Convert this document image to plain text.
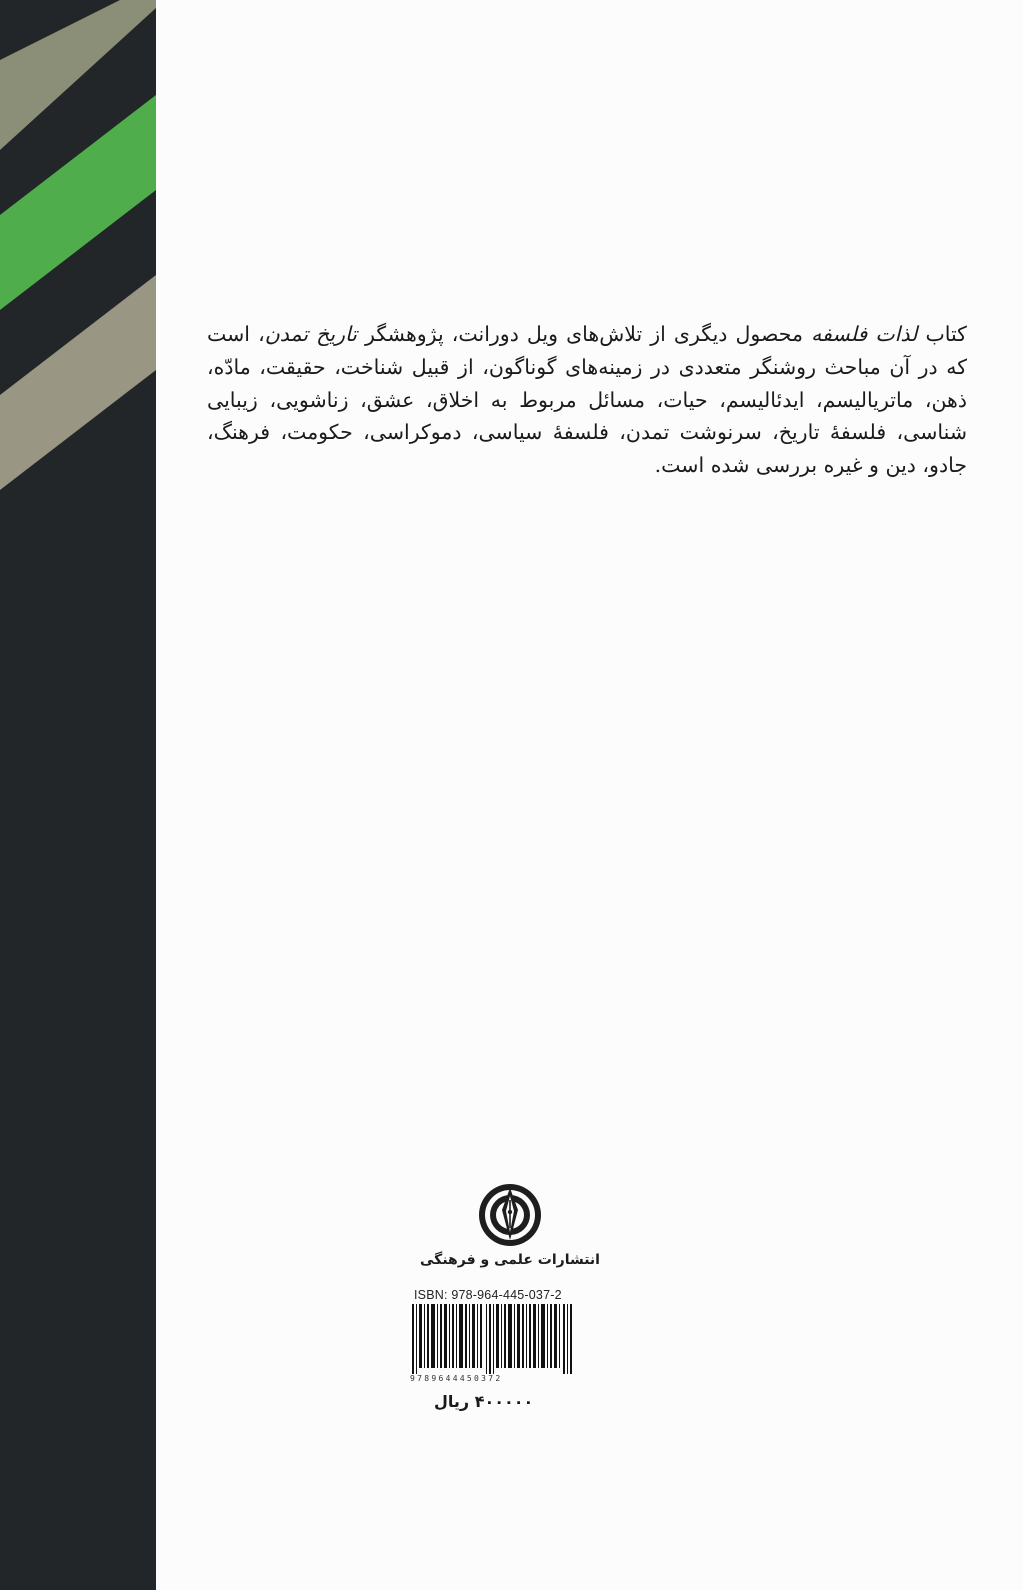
کتاب لذات فلسفه محصول دیگری از تلاش‌های ویل دورانت، پژوهشگر تاریخ تمدن، است که در آن مباحث روشنگر متعددی در زمینه‌های گوناگون، از قبیل شناخت، حقیقت، مادّه، ذهن، ماتریالیسم، ایدئالیسم، حیات، مسائل مربوط به اخلاق، عشق، زناشویی، زیبایی شناسی، فلسفهٔ تاریخ، سرنوشت تمدن، فلسفهٔ سیاسی، دموکراسی، حکومت، فرهنگ، جادو، دین و غیره بررسی شده است.
انتشارات علمی و فرهنگی
ISBN: 978-964-445-037-2
9789644450372
۴۰۰۰۰۰ ریال
